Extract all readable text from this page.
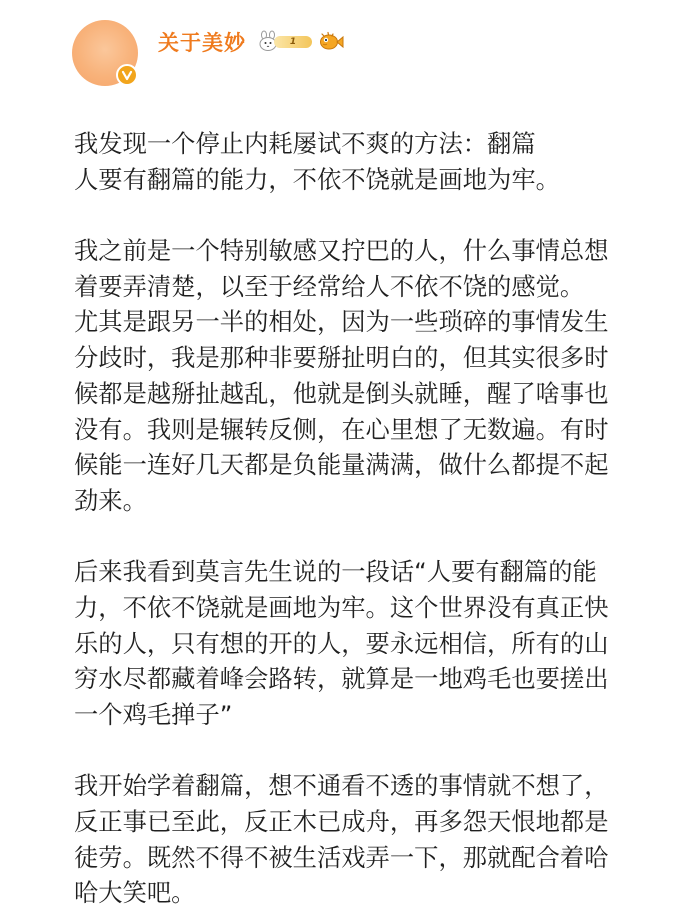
关于美妙	1
我发现一个停止内耗屡试不爽的方法：翻篇
人要有翻篇的能力，不依不饶就是画地为牢。
我之前是一个特别敏感又拧巴的人，什么事情总想
着要弄清楚，以至于经常给人不依不饶的感觉。
尤其是跟另一半的相处，因为一些琐碎的事情发生
分歧时，我是那种非要掰扯明白的，但其实很多时
候都是越掰扯越乱，他就是倒头就睡，醒了啥事也
没有。我则是辗转反侧，在心里想了无数遍。有时
候能一连好几天都是负能量满满，做什么都提不起
劲来。
后来我看到莫言先生说的一段话“人要有翻篇的能
力，不依不饶就是画地为牢。这个世界没有真正快
乐的人，只有想的开的人，要永远相信，所有的山
穷水尽都藏着峰会路转，就算是一地鸡毛也要搓出
一个鸡毛掸子”
我开始学着翻篇，想不通看不透的事情就不想了，
反正事已至此，反正木已成舟，再多怨天恨地都是
徒劳。既然不得不被生活戏弄一下，那就配合着哈
哈大笑吧。
